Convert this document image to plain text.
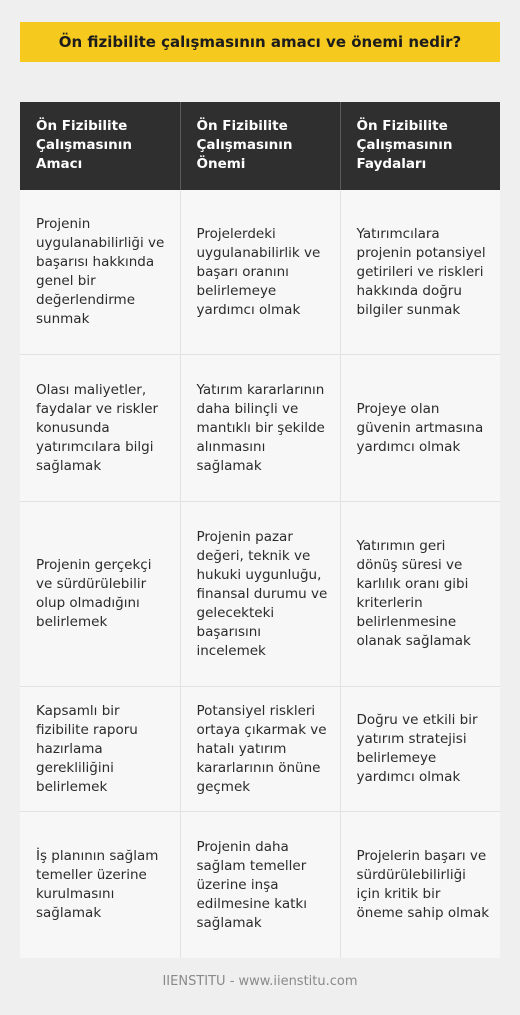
Ön fizibilite çalışmasının amacı ve önemi nedir?
Ön Fizibilite Çalışmasının Amacı	Ön Fizibilite Çalışmasının Önemi	Ön Fizibilite Çalışmasının Faydaları
Projenin uygulanabilirliği ve başarısı hakkında genel bir değerlendirme sunmak	Projelerdeki uygulanabilirlik ve başarı oranını belirlemeye yardımcı olmak	Yatırımcılara projenin potansiyel getirileri ve riskleri hakkında doğru bilgiler sunmak
Olası maliyetler, faydalar ve riskler konusunda yatırımcılara bilgi sağlamak	Yatırım kararlarının daha bilinçli ve mantıklı bir şekilde alınmasını sağlamak	Projeye olan güvenin artmasına yardımcı olmak
Projenin gerçekçi ve sürdürülebilir olup olmadığını belirlemek	Projenin pazar değeri, teknik ve hukuki uygunluğu, finansal durumu ve gelecekteki başarısını incelemek	Yatırımın geri dönüş süresi ve karlılık oranı gibi kriterlerin belirlenmesine olanak sağlamak
Kapsamlı bir fizibilite raporu hazırlama gerekliliğini belirlemek	Potansiyel riskleri ortaya çıkarmak ve hatalı yatırım kararlarının önüne geçmek	Doğru ve etkili bir yatırım stratejisi belirlemeye yardımcı olmak
İş planının sağlam temeller üzerine kurulmasını sağlamak	Projenin daha sağlam temeller üzerine inşa edilmesine katkı sağlamak	Projelerin başarı ve sürdürülebilirliği için kritik bir öneme sahip olmak
IIENSTITU - www.iienstitu.com
